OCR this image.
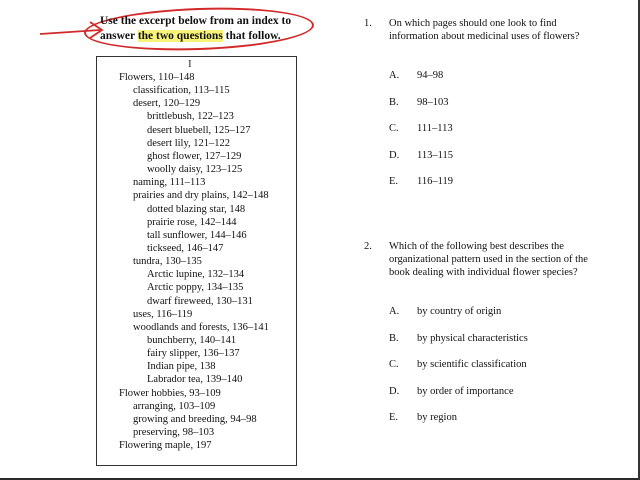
Use the excerpt below from an index to answer the two questions that follow.
I
Flowers, 110–148
classification, 113–115
desert, 120–129
brittlebush, 122–123
desert bluebell, 125–127
desert lily, 121–122
ghost flower, 127–129
woolly daisy, 123–125
naming, 111–113
prairies and dry plains, 142–148
dotted blazing star, 148
prairie rose, 142–144
tall sunflower, 144–146
tickseed, 146–147
tundra, 130–135
Arctic lupine, 132–134
Arctic poppy, 134–135
dwarf fireweed, 130–131
uses, 116–119
woodlands and forests, 136–141
bunchberry, 140–141
fairy slipper, 136–137
Indian pipe, 138
Labrador tea, 139–140
Flower hobbies, 93–109
arranging, 103–109
growing and breeding, 94–98
preserving, 98–103
Flowering maple, 197
1. On which pages should one look to find information about medicinal uses of flowers?
A. 94–98
B. 98–103
C. 111–113
D. 113–115
E. 116–119
2. Which of the following best describes the organizational pattern used in the section of the book dealing with individual flower species?
A. by country of origin
B. by physical characteristics
C. by scientific classification
D. by order of importance
E. by region
